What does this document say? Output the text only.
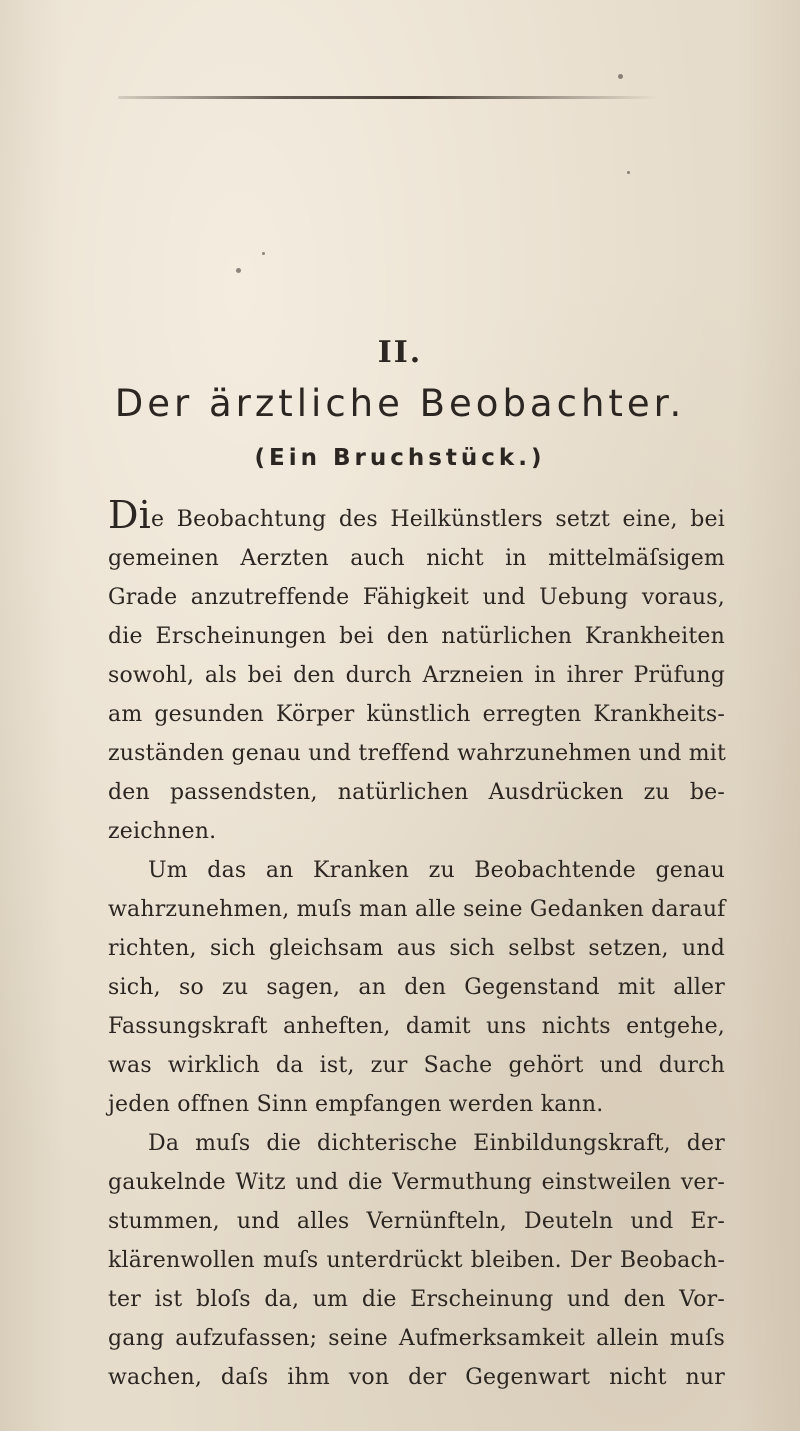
II.
Der ärztliche Beobachter.
(Ein Bruchstück.)
Die Beobachtung des Heilkünstlers setzt eine, bei
gemeinen Aerzten auch nicht in mittelmäſsigem
Grade anzutreffende Fähigkeit und Uebung voraus,
die Erscheinungen bei den natürlichen Krankheiten
sowohl, als bei den durch Arzneien in ihrer Prüfung
am gesunden Körper künstlich erregten Krankheits-
zuständen genau und treffend wahrzunehmen und mit
den passendsten, natürlichen Ausdrücken zu be-
zeichnen.
Um das an Kranken zu Beobachtende genau
wahrzunehmen, muſs man alle seine Gedanken darauf
richten, sich gleichsam aus sich selbst setzen, und
sich, so zu sagen, an den Gegenstand mit aller
Fassungskraft anheften, damit uns nichts entgehe,
was wirklich da ist, zur Sache gehört und durch
jeden offnen Sinn empfangen werden kann.
Da muſs die dichterische Einbildungskraft, der
gaukelnde Witz und die Vermuthung einstweilen ver-
stummen, und alles Vernünfteln, Deuteln und Er-
klärenwollen muſs unterdrückt bleiben. Der Beobach-
ter ist bloſs da, um die Erscheinung und den Vor-
gang aufzufassen; seine Aufmerksamkeit allein muſs
wachen, daſs ihm von der Gegenwart nicht nur
